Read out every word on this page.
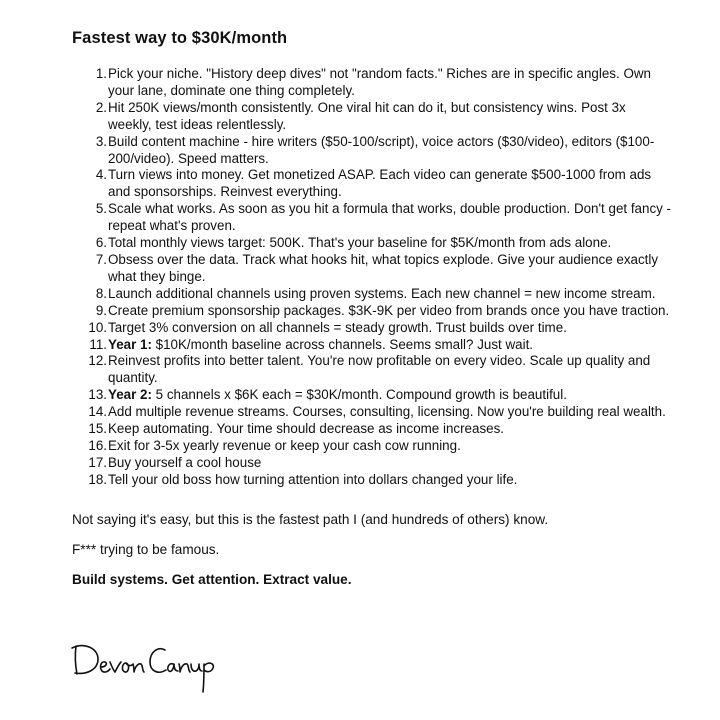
Fastest way to $30K/month
1. Pick your niche. "History deep dives" not "random facts." Riches are in specific angles. Own your lane, dominate one thing completely.
2. Hit 250K views/month consistently. One viral hit can do it, but consistency wins. Post 3x weekly, test ideas relentlessly.
3. Build content machine - hire writers ($50-100/script), voice actors ($30/video), editors ($100-200/video). Speed matters.
4. Turn views into money. Get monetized ASAP. Each video can generate $500-1000 from ads and sponsorships. Reinvest everything.
5. Scale what works. As soon as you hit a formula that works, double production. Don't get fancy - repeat what's proven.
6. Total monthly views target: 500K. That's your baseline for $5K/month from ads alone.
7. Obsess over the data. Track what hooks hit, what topics explode. Give your audience exactly what they binge.
8. Launch additional channels using proven systems. Each new channel = new income stream.
9. Create premium sponsorship packages. $3K-9K per video from brands once you have traction.
10. Target 3% conversion on all channels = steady growth. Trust builds over time.
11. Year 1: $10K/month baseline across channels. Seems small? Just wait.
12. Reinvest profits into better talent. You're now profitable on every video. Scale up quality and quantity.
13. Year 2: 5 channels x $6K each = $30K/month. Compound growth is beautiful.
14. Add multiple revenue streams. Courses, consulting, licensing. Now you're building real wealth.
15. Keep automating. Your time should decrease as income increases.
16. Exit for 3-5x yearly revenue or keep your cash cow running.
17. Buy yourself a cool house
18. Tell your old boss how turning attention into dollars changed your life.

Not saying it's easy, but this is the fastest path I (and hundreds of others) know.

F*** trying to be famous.

Build systems. Get attention. Extract value.
